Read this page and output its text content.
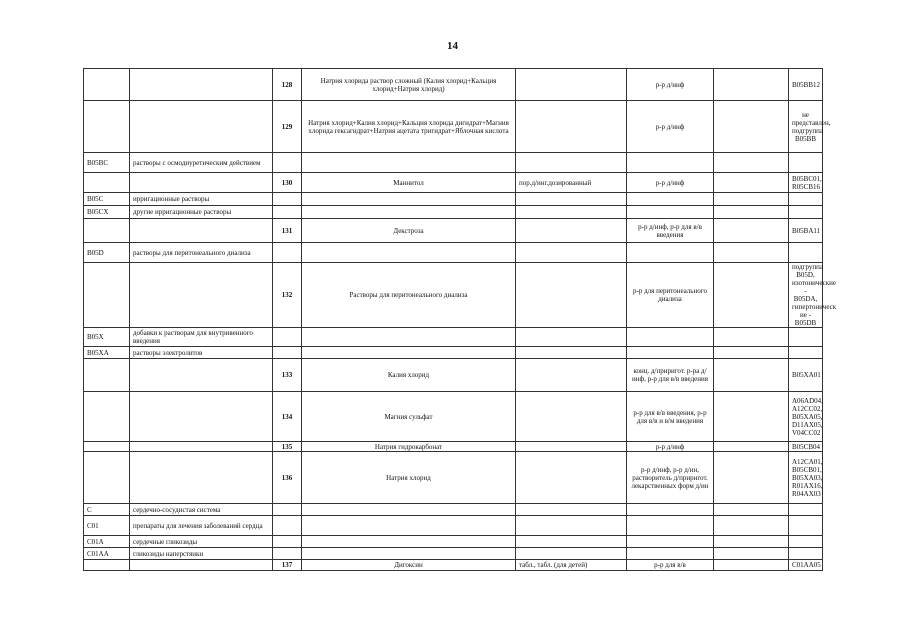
14
		128	Натрия хлорида раствор сложный (Калия хлорид+Кальция хлорид+Натрия хлорид)		р-р д/инф		B05BB12
		129	Натрия хлорид+Калия хлорид+Кальция хлорида дигидрат+Магния хлорида гексагидрат+Натрия ацетата тригидрат+Яблочная кислота		р-р д/инф		не представлен, подгруппа B05BB
B05BC	растворы с осмодиуретическим действием						
		130	Маннитол	пор.д/инг.дозированный	р-р д/инф		B05BC01, R05CB16
B05C	ирригационные растворы						
B05CX	другие ирригационные растворы						
		131	Декстроза		р-р д/инф, р-р для в/в введения		B05BA11
B05D	растворы для перитонеального диализа						
		132	Растворы для перитонеального диализа		р-р для перитонеального диализа		подгруппа B05D, изотонические - B05DA, гипертоническ ие - B05DB
B05X	добавки к растворам для внутривенного введения						
B05XA	растворы электролитов						
		133	Калия хлорид		конц. д/приригот. р-ра д/инф, р-р для в/в введения		B05XA01
		134	Магния сульфат		р-р для в/в введения, р-р для в/в и в/м введения		A06AD04, A12CC02, B05XA05, D11AX05, V04CC02
		135	Натрия гидрокарбонат		р-р д/инф		B05CB04
		136	Натрия хлорид		р-р д/инф, р-р д/ин, растворитель д/приригот. лекарственных форм д/ин		A12CA01, B05CB01, B05XA03, R01AX16, R04AX03
C	сердечно-сосудистая система						
C01	препараты для лечения заболеваний сердца						
C01A	сердечные гликозиды						
C01AA	гликозиды наперстянки						
		137	Дигоксин	табл., табл. (для детей)	р-р для в/в		C01AA05
